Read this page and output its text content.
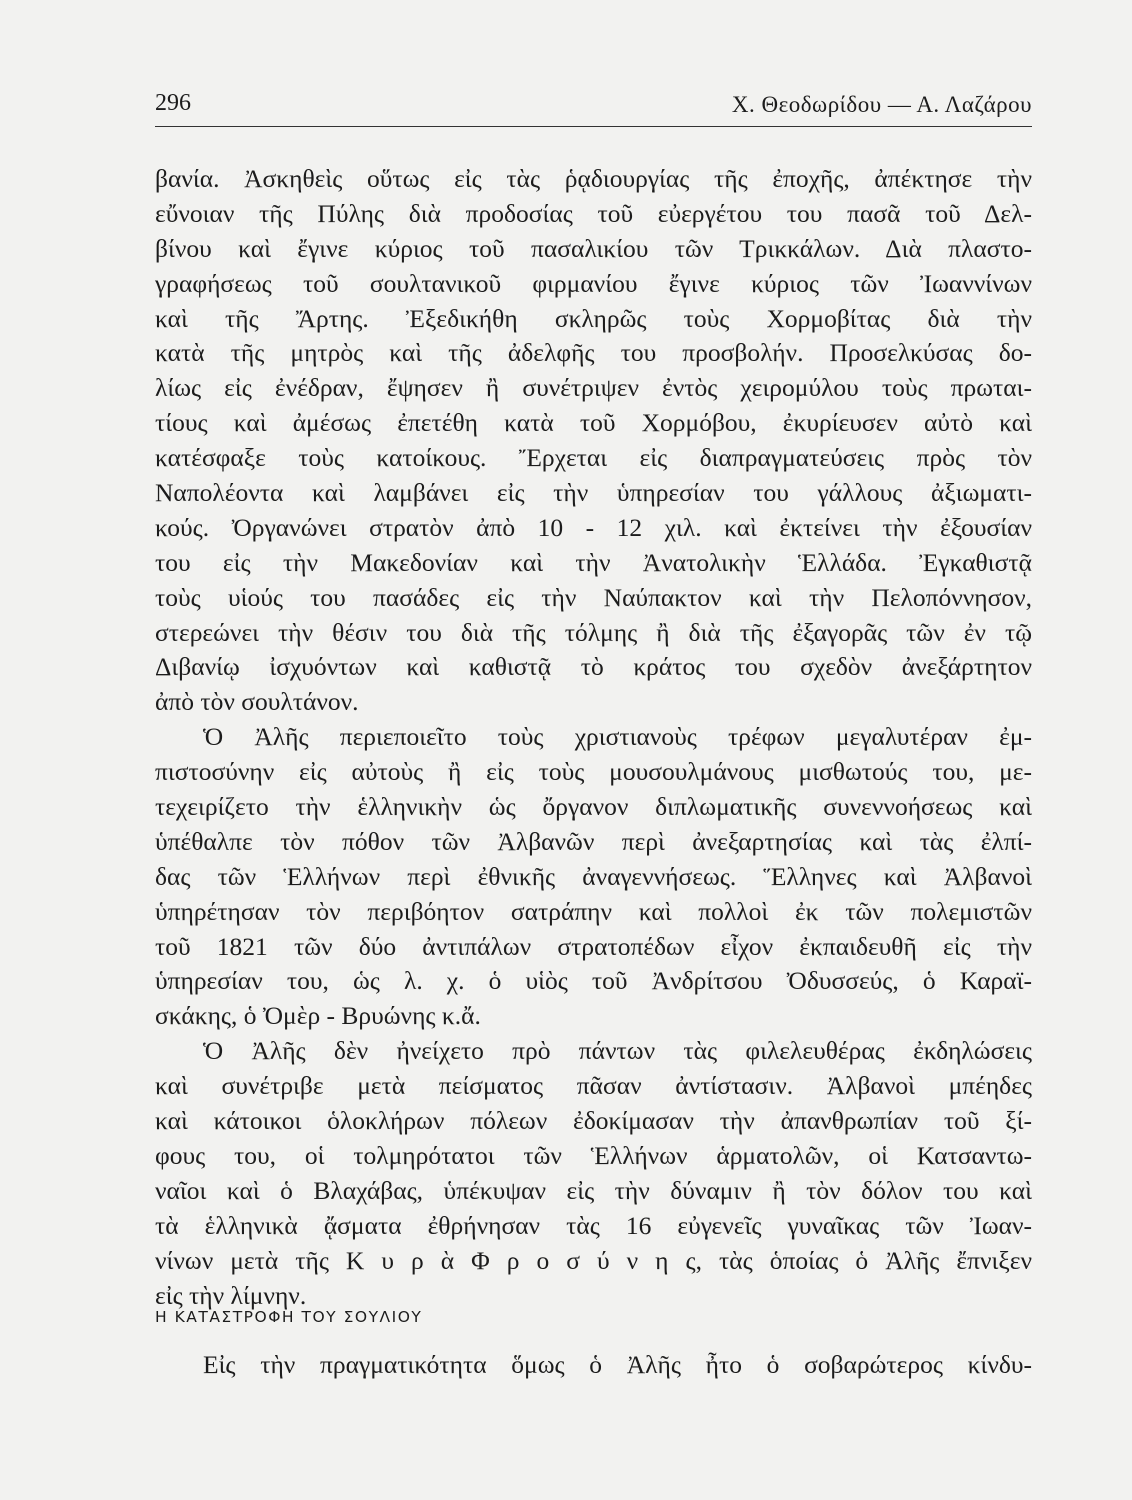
296	Χ. Θεοδωρίδου — Α. Λαζάρου
βανία. Ἀσκηθεὶς οὕτως εἰς τὰς ῥᾳδιουργίας τῆς ἐποχῆς, ἀπέκτησε τὴν
εὔνοιαν τῆς Πύλης διὰ προδοσίας τοῦ εὐεργέτου του πασᾶ τοῦ Δελ-
βίνου καὶ ἔγινε κύριος τοῦ πασαλικίου τῶν Τρικκάλων. Διὰ πλαστο-
γραφήσεως τοῦ σουλτανικοῦ φιρμανίου ἔγινε κύριος τῶν Ἰωαννίνων
καὶ τῆς Ἄρτης. Ἐξεδικήθη σκληρῶς τοὺς Χορμοβίτας διὰ τὴν
κατὰ τῆς μητρὸς καὶ τῆς ἀδελφῆς του προσβολήν. Προσελκύσας δο-
λίως εἰς ἐνέδραν, ἔψησεν ἢ συνέτριψεν ἐντὸς χειρομύλου τοὺς πρωται-
τίους καὶ ἀμέσως ἐπετέθη κατὰ τοῦ Χορμόβου, ἐκυρίευσεν αὐτὸ καὶ
κατέσφαξε τοὺς κατοίκους. Ἔρχεται εἰς διαπραγματεύσεις πρὸς τὸν
Ναπολέοντα καὶ λαμβάνει εἰς τὴν ὑπηρεσίαν του γάλλους ἀξιωματι-
κούς. Ὀργανώνει στρατὸν ἀπὸ 10 - 12 χιλ. καὶ ἐκτείνει τὴν ἐξουσίαν
του εἰς τὴν Μακεδονίαν καὶ τὴν Ἀνατολικὴν Ἑλλάδα. Ἐγκαθιστᾷ
τοὺς υἱούς του πασάδες εἰς τὴν Ναύπακτον καὶ τὴν Πελοπόννησον,
στερεώνει τὴν θέσιν του διὰ τῆς τόλμης ἢ διὰ τῆς ἐξαγορᾶς τῶν ἐν τῷ
Διβανίῳ ἰσχυόντων καὶ καθιστᾷ τὸ κράτος του σχεδὸν ἀνεξάρτητον
ἀπὸ τὸν σουλτάνον.
Ὁ Ἀλῆς περιεποιεῖτο τοὺς χριστιανοὺς τρέφων μεγαλυτέραν ἐμ-
πιστοσύνην εἰς αὐτοὺς ἢ εἰς τοὺς μουσουλμάνους μισθωτούς του, με-
τεχειρίζετο τὴν ἑλληνικὴν ὡς ὄργανον διπλωματικῆς συνεννοήσεως καὶ
ὑπέθαλπε τὸν πόθον τῶν Ἀλβανῶν περὶ ἀνεξαρτησίας καὶ τὰς ἐλπί-
δας τῶν Ἑλλήνων περὶ ἐθνικῆς ἀναγεννήσεως. Ἕλληνες καὶ Ἀλβανοὶ
ὑπηρέτησαν τὸν περιβόητον σατράπην καὶ πολλοὶ ἐκ τῶν πολεμιστῶν
τοῦ 1821 τῶν δύο ἀντιπάλων στρατοπέδων εἶχον ἐκπαιδευθῆ εἰς τὴν
ὑπηρεσίαν του, ὡς λ. χ. ὁ υἱὸς τοῦ Ἀνδρίτσου Ὀδυσσεύς, ὁ Καραϊ-
σκάκης, ὁ Ὀμὲρ - Βρυώνης κ.ἄ.
Ὁ Ἀλῆς δὲν ἠνείχετο πρὸ πάντων τὰς φιλελευθέρας ἐκδηλώσεις
καὶ συνέτριβε μετὰ πείσματος πᾶσαν ἀντίστασιν. Ἀλβανοὶ μπέηδες
καὶ κάτοικοι ὁλοκλήρων πόλεων ἐδοκίμασαν τὴν ἀπανθρωπίαν τοῦ ξί-
φους του, οἱ τολμηρότατοι τῶν Ἑλλήνων ἁρματολῶν, οἱ Κατσαντω-
ναῖοι καὶ ὁ Βλαχάβας, ὑπέκυψαν εἰς τὴν δύναμιν ἢ τὸν δόλον του καὶ
τὰ ἑλληνικὰ ᾄσματα ἐθρήνησαν τὰς 16 εὐγενεῖς γυναῖκας τῶν Ἰωαν-
νίνων μετὰ τῆς Κ υ ρ ὰ Φ ρ ο σ ύ ν η ς, τὰς ὁποίας ὁ Ἀλῆς ἔπνιξεν
εἰς τὴν λίμνην.
Η ΚΑΤΑΣΤΡΟΦΗ ΤΟΥ ΣΟΥΛΙΟΥ
Εἰς τὴν πραγματικότητα ὅμως ὁ Ἀλῆς ἦτο ὁ σοβαρώτερος κίνδυ-
